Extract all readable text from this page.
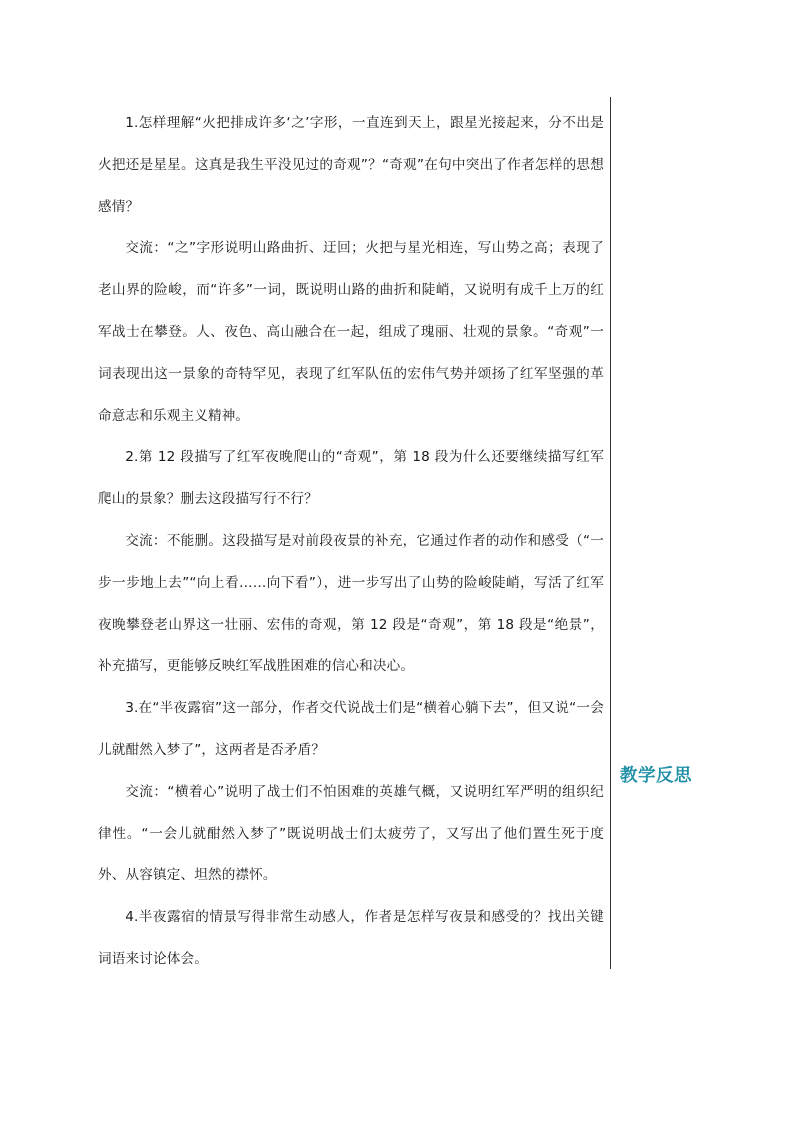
1.怎样理解“火把排成许多‘之’字形，一直连到天上，跟星光接起来，分不出是火把还是星星。这真是我生平没见过的奇观”？“奇观”在句中突出了作者怎样的思想感情？

交流：“之”字形说明山路曲折、迂回；火把与星光相连，写山势之高；表现了老山界的险峻，而“许多”一词，既说明山路的曲折和陡峭，又说明有成千上万的红军战士在攀登。人、夜色、高山融合在一起，组成了瑰丽、壮观的景象。“奇观”一词表现出这一景象的奇特罕见，表现了红军队伍的宏伟气势并颂扬了红军坚强的革命意志和乐观主义精神。

2.第 12 段描写了红军夜晚爬山的“奇观”，第 18 段为什么还要继续描写红军爬山的景象？删去这段描写行不行？

交流：不能删。这段描写是对前段夜景的补充，它通过作者的动作和感受（“一步一步地上去”“向上看……向下看”），进一步写出了山势的险峻陡峭，写活了红军夜晚攀登老山界这一壮丽、宏伟的奇观，第 12 段是“奇观”，第 18 段是“绝景”，补充描写，更能够反映红军战胜困难的信心和决心。

3.在“半夜露宿”这一部分，作者交代说战士们是“横着心躺下去”，但又说“一会儿就酣然入梦了”，这两者是否矛盾？

交流：“横着心”说明了战士们不怕困难的英雄气概，又说明红军严明的组织纪律性。“一会儿就酣然入梦了”既说明战士们太疲劳了，又写出了他们置生死于度外、从容镇定、坦然的襟怀。

4.半夜露宿的情景写得非常生动感人，作者是怎样写夜景和感受的？找出关键词语来讨论体会。

教学反思
